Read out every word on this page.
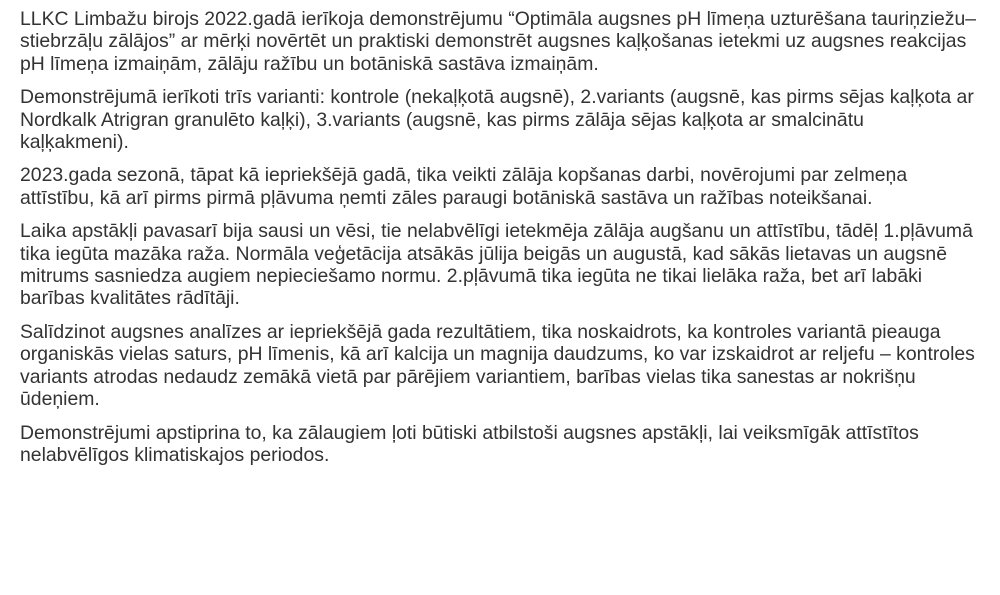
LLKC Limbažu birojs 2022.gadā ierīkoja demonstrējumu “Optimāla augsnes pH līmeņa uzturēšana tauriņziežu–stiebrzāļu zālājos” ar mērķi novērtēt un praktiski demonstrēt augsnes kaļķošanas ietekmi uz augsnes reakcijas pH līmeņa izmaiņām, zālāju ražību un botāniskā sastāva izmaiņām.

Demonstrējumā ierīkoti trīs varianti: kontrole (nekaļķotā augsnē), 2.variants (augsnē, kas pirms sējas kaļķota ar Nordkalk Atrigran granulēto kaļķi), 3.variants (augsnē, kas pirms zālāja sējas kaļķota ar smalcinātu kaļķakmeni).

2023.gada sezonā, tāpat kā iepriekšējā gadā, tika veikti zālāja kopšanas darbi, novērojumi par zelmeņa attīstību, kā arī pirms pirmā pļāvuma ņemti zāles paraugi botāniskā sastāva un ražības noteikšanai.

Laika apstākļi pavasarī bija sausi un vēsi, tie nelabvēlīgi ietekmēja zālāja augšanu un attīstību, tādēļ 1.pļāvumā tika iegūta mazāka raža. Normāla veģetācija atsākās jūlija beigās un augustā, kad sākās lietavas un augsnē mitrums sasniedza augiem nepieciešamo normu. 2.pļāvumā tika iegūta ne tikai lielāka raža, bet arī labāki barības kvalitātes rādītāji.

Salīdzinot augsnes analīzes ar iepriekšējā gada rezultātiem, tika noskaidrots, ka kontroles variantā pieauga organiskās vielas saturs, pH līmenis, kā arī kalcija un magnija daudzums, ko var izskaidrot ar reljefu – kontroles variants atrodas nedaudz zemākā vietā par pārējiem variantiem, barības vielas tika sanestas ar nokrišņu ūdeņiem.

Demonstrējumi apstiprina to, ka zālaugiem ļoti būtiski atbilstoši augsnes apstākļi, lai veiksmīgāk attīstītos nelabvēlīgos klimatiskajos periodos.
